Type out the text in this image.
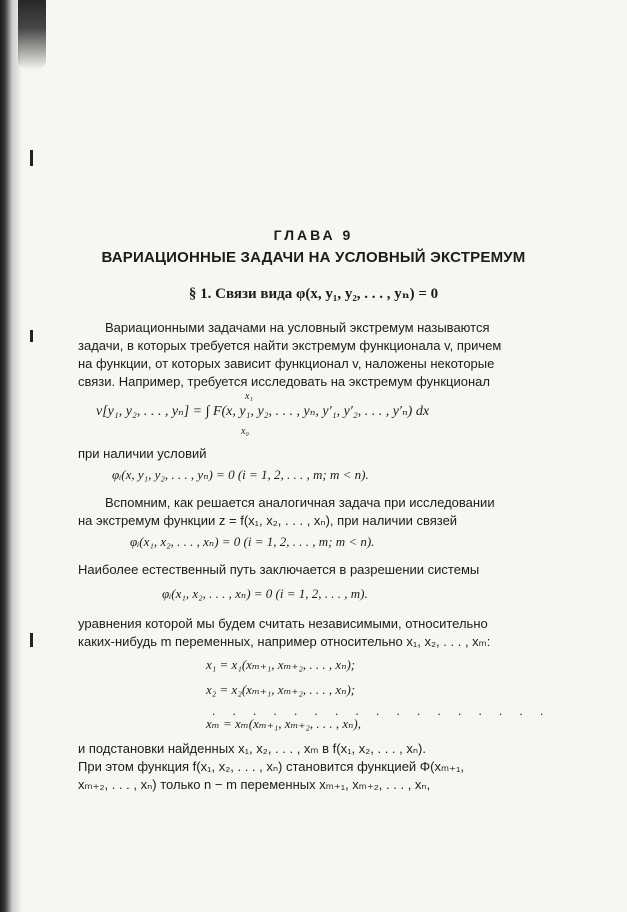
ГЛАВА 9

ВАРИАЦИОННЫЕ ЗАДАЧИ НА УСЛОВНЫЙ ЭКСТРЕМУМ

§ 1. Связи вида φ(x, y₁, y₂, . . . , yₙ) = 0

Вариационными задачами на условный экстремум называются

задачи, в которых требуется найти экстремум функционала v, причем

на функции, от которых зависит функционал v, наложены некоторые

связи. Например, требуется исследовать на экстремум функционал

x₁

v[y₁, y₂, . . . , yₙ] = ∫ F(x, y₁, y₂, . . . , yₙ, y′₁, y′₂, . . . , y′ₙ) dx

x₀

при наличии условий

φᵢ(x, y₁, y₂, . . . , yₙ) = 0 (i = 1, 2, . . . , m; m < n).

Вспомним, как решается аналогичная задача при исследовании

на экстремум функции z = f(x₁, x₂, . . . , xₙ), при наличии связей

φᵢ(x₁, x₂, . . . , xₙ) = 0 (i = 1, 2, . . . , m; m < n).

Наиболее естественный путь заключается в разрешении системы

φᵢ(x₁, x₂, . . . , xₙ) = 0 (i = 1, 2, . . . , m).

уравнения которой мы будем считать независимыми, относительно

каких-нибудь m переменных, например относительно x₁, x₂, . . . , xₘ:

x₁ = x₁(xₘ₊₁, xₘ₊₂, . . . , xₙ);

x₂ = x₂(xₘ₊₁, xₘ₊₂, . . . , xₙ);

. . . . . . . . . . . . . . . . .

xₘ = xₘ(xₘ₊₁, xₘ₊₂, . . . , xₙ),

и подстановки найденных x₁, x₂, . . . , xₘ в f(x₁, x₂, . . . , xₙ).

При этом функция f(x₁, x₂, . . . , xₙ) становится функцией Φ(xₘ₊₁,

xₘ₊₂, . . . , xₙ) только n − m переменных xₘ₊₁, xₘ₊₂, . . . , xₙ,
